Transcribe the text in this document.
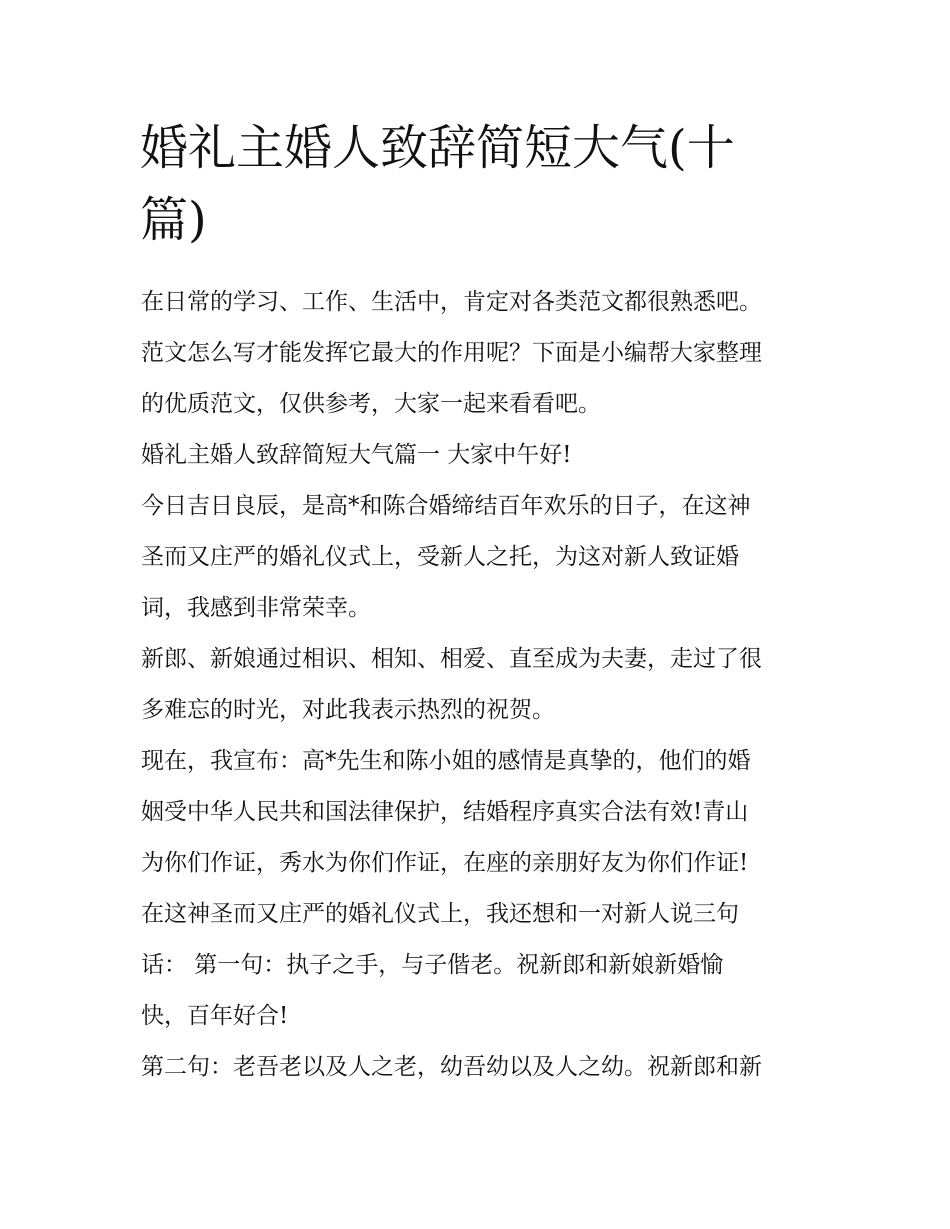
婚礼主婚人致辞简短大气(十
篇)
在日常的学习、工作、生活中，肯定对各类范文都很熟悉吧。
范文怎么写才能发挥它最大的作用呢？下面是小编帮大家整理
的优质范文，仅供参考，大家一起来看看吧。
婚礼主婚人致辞简短大气篇一 大家中午好!
今日吉日良辰，是高*和陈合婚缔结百年欢乐的日子，在这神
圣而又庄严的婚礼仪式上，受新人之托，为这对新人致证婚
词，我感到非常荣幸。
新郎、新娘通过相识、相知、相爱、直至成为夫妻，走过了很
多难忘的时光，对此我表示热烈的祝贺。
现在，我宣布：高*先生和陈小姐的感情是真挚的，他们的婚
姻受中华人民共和国法律保护，结婚程序真实合法有效!青山
为你们作证，秀水为你们作证，在座的亲朋好友为你们作证!
在这神圣而又庄严的婚礼仪式上，我还想和一对新人说三句
话： 第一句：执子之手，与子偕老。祝新郎和新娘新婚愉
快，百年好合!
第二句：老吾老以及人之老，幼吾幼以及人之幼。祝新郎和新
